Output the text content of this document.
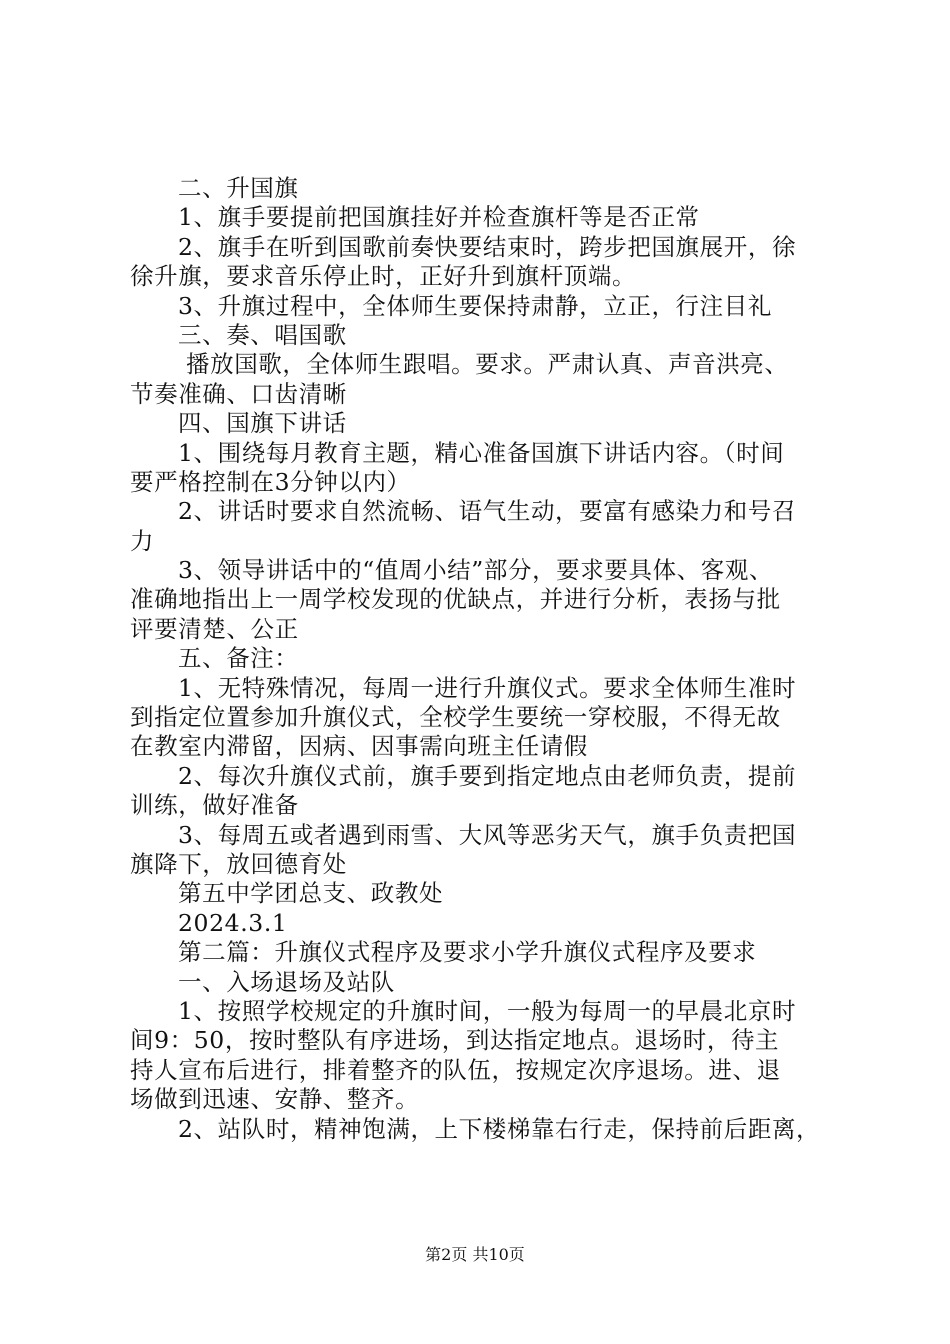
二、升国旗
1、旗手要提前把国旗挂好并检查旗杆等是否正常
2、旗手在听到国歌前奏快要结束时，跨步把国旗展开，徐
徐升旗，要求音乐停止时，正好升到旗杆顶端。
3、升旗过程中，全体师生要保持肃静，立正，行注目礼
三、奏、唱国歌
播放国歌，全体师生跟唱。要求。严肃认真、声音洪亮、
节奏准确、口齿清晰
四、国旗下讲话
1、围绕每月教育主题，精心准备国旗下讲话内容。（时间
要严格控制在3分钟以内）
2、讲话时要求自然流畅、语气生动，要富有感染力和号召
力
3、领导讲话中的“值周小结”部分，要求要具体、客观、
准确地指出上一周学校发现的优缺点，并进行分析，表扬与批
评要清楚、公正
五、备注：
1、无特殊情况，每周一进行升旗仪式。要求全体师生准时
到指定位置参加升旗仪式，全校学生要统一穿校服，不得无故
在教室内滞留，因病、因事需向班主任请假
2、每次升旗仪式前，旗手要到指定地点由老师负责，提前
训练，做好准备
3、每周五或者遇到雨雪、大风等恶劣天气，旗手负责把国
旗降下，放回德育处
第五中学团总支、政教处
2024.3.1
第二篇：升旗仪式程序及要求小学升旗仪式程序及要求
一、入场退场及站队
1、按照学校规定的升旗时间，一般为每周一的早晨北京时
间9：50，按时整队有序进场，到达指定地点。退场时，待主
持人宣布后进行，排着整齐的队伍，按规定次序退场。进、退
场做到迅速、安静、整齐。
2、站队时，精神饱满，上下楼梯靠右行走，保持前后距离，
第2页 共10页
